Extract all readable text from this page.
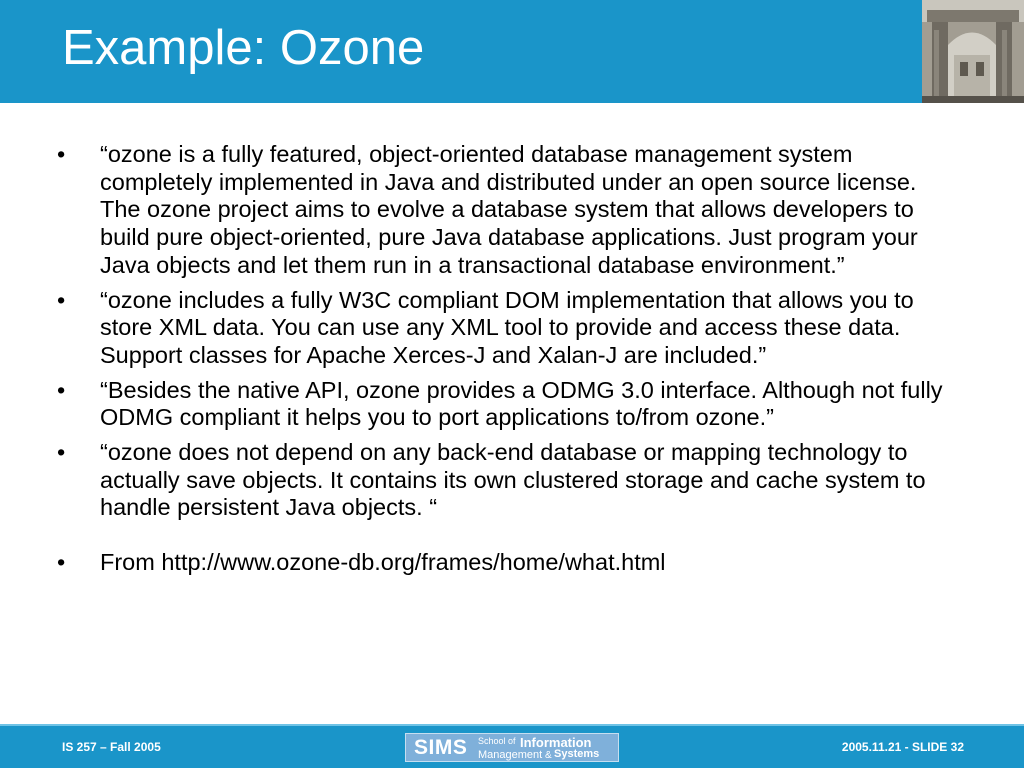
Example: Ozone
•	“ozone is a fully featured, object-oriented database management system completely implemented in Java and distributed under an open source license. The ozone project aims to evolve a database system that allows developers to build pure object-oriented, pure Java database applications. Just program your Java objects and let them run in a transactional database environment.”
•	“ozone includes a fully W3C compliant DOM implementation that allows you to store XML data. You can use any XML tool to provide and access these data. Support classes for Apache Xerces-J and Xalan-J are included.”
•	“Besides the native API, ozone provides a ODMG 3.0 interface. Although not fully ODMG compliant it helps you to port applications to/from ozone.”
•	“ozone does not depend on any back-end database or mapping technology to actually save objects. It contains its own clustered storage and cache system to handle persistent Java objects. “
•	From http://www.ozone-db.org/frames/home/what.html
IS 257 – Fall 2005	SIMS School of Information
Management & Systems	2005.11.21 - SLIDE 32
